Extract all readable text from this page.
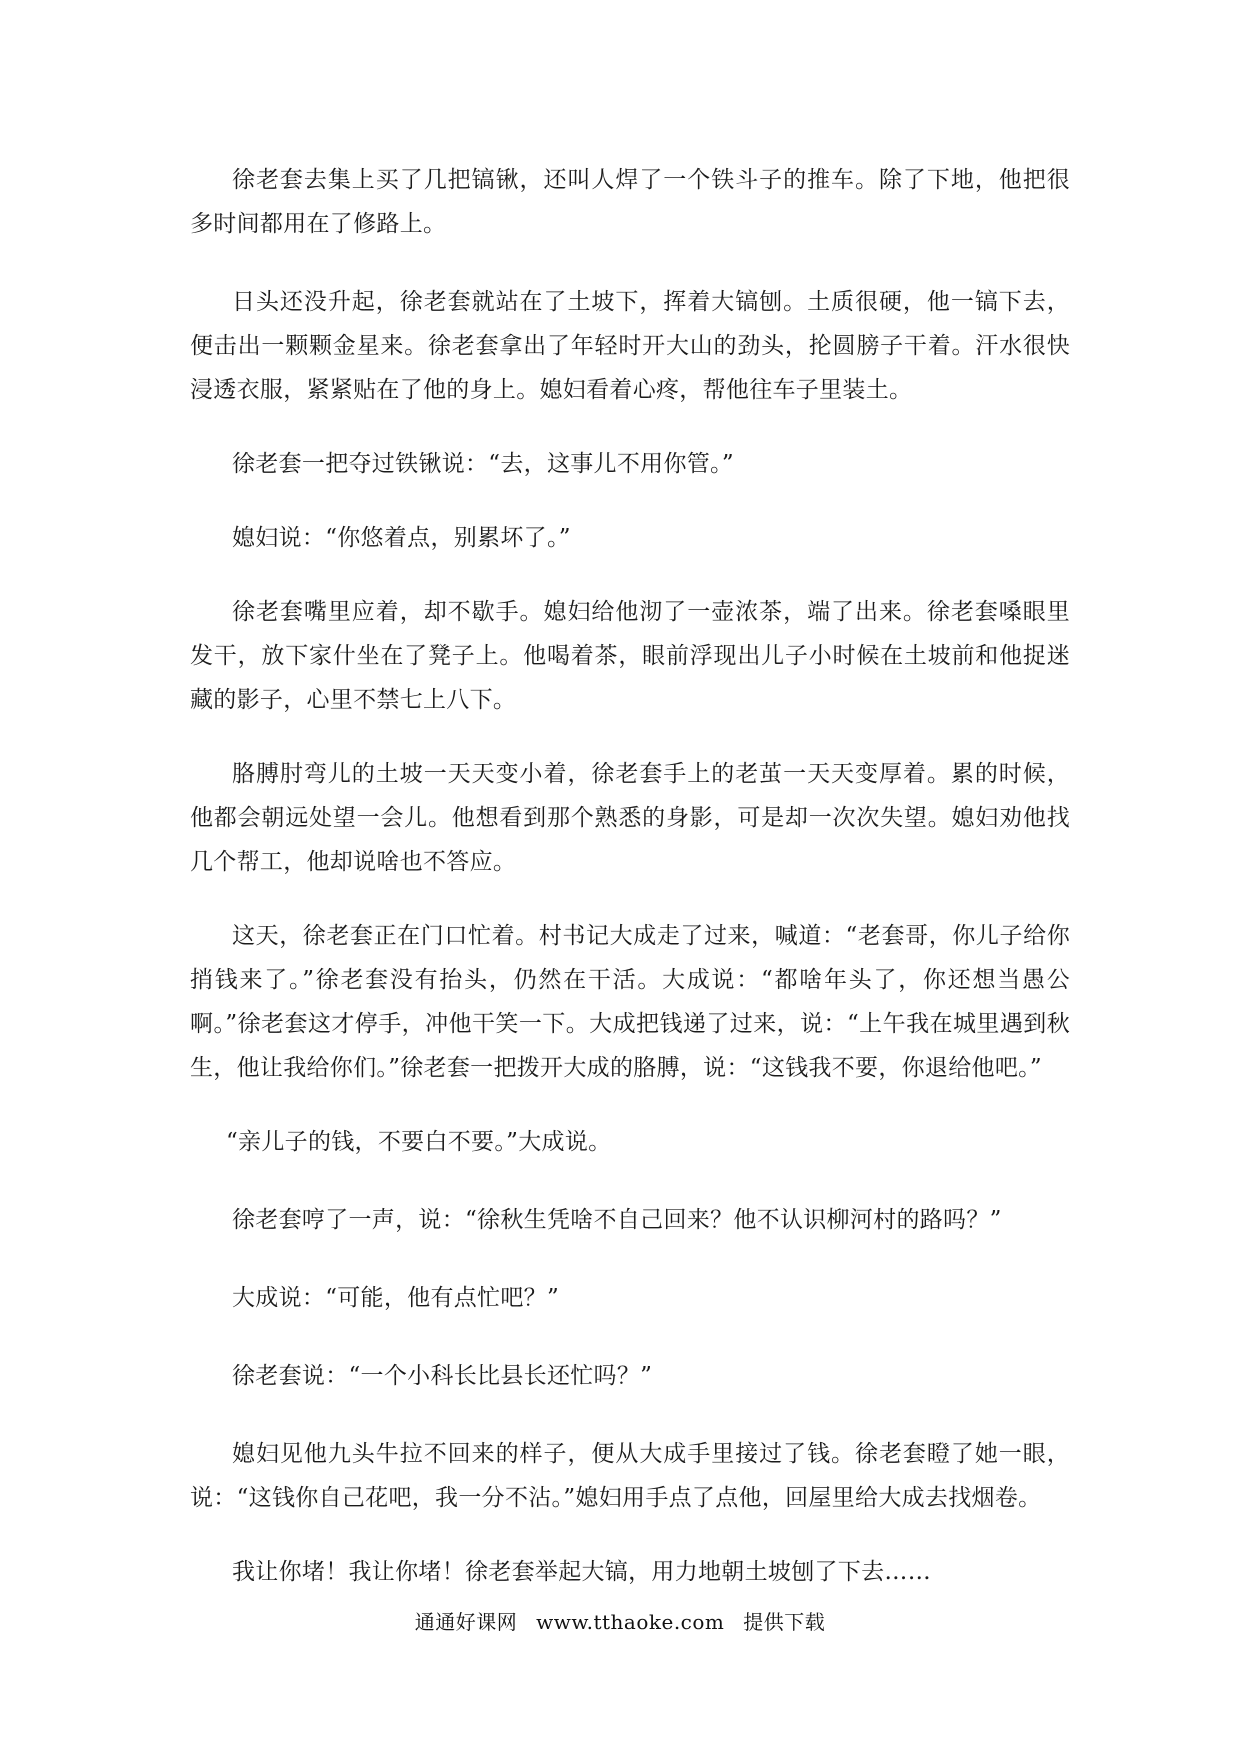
徐老套去集上买了几把镐锹，还叫人焊了一个铁斗子的推车。除了下地，他把很多时间都用在了修路上。

日头还没升起，徐老套就站在了土坡下，挥着大镐刨。土质很硬，他一镐下去，便击出一颗颗金星来。徐老套拿出了年轻时开大山的劲头，抡圆膀子干着。汗水很快浸透衣服，紧紧贴在了他的身上。媳妇看着心疼，帮他往车子里装土。

徐老套一把夺过铁锹说：“去，这事儿不用你管。”

媳妇说：“你悠着点，别累坏了。”

徐老套嘴里应着，却不歇手。媳妇给他沏了一壶浓茶，端了出来。徐老套嗓眼里发干，放下家什坐在了凳子上。他喝着茶，眼前浮现出儿子小时候在土坡前和他捉迷藏的影子，心里不禁七上八下。

胳膊肘弯儿的土坡一天天变小着，徐老套手上的老茧一天天变厚着。累的时候，他都会朝远处望一会儿。他想看到那个熟悉的身影，可是却一次次失望。媳妇劝他找几个帮工，他却说啥也不答应。

这天，徐老套正在门口忙着。村书记大成走了过来，喊道：“老套哥，你儿子给你捎钱来了。”徐老套没有抬头，仍然在干活。大成说：“都啥年头了，你还想当愚公啊。”徐老套这才停手，冲他干笑一下。大成把钱递了过来，说：“上午我在城里遇到秋生，他让我给你们。”徐老套一把拨开大成的胳膊，说：“这钱我不要，你退给他吧。”

“亲儿子的钱，不要白不要。”大成说。

徐老套哼了一声，说：“徐秋生凭啥不自己回来？他不认识柳河村的路吗？”

大成说：“可能，他有点忙吧？”

徐老套说：“一个小科长比县长还忙吗？”

媳妇见他九头牛拉不回来的样子，便从大成手里接过了钱。徐老套瞪了她一眼，说：“这钱你自己花吧，我一分不沾。”媳妇用手点了点他，回屋里给大成去找烟卷。

我让你堵！我让你堵！徐老套举起大镐，用力地朝土坡刨了下去……

通通好课网 www.tthaoke.com 提供下载
